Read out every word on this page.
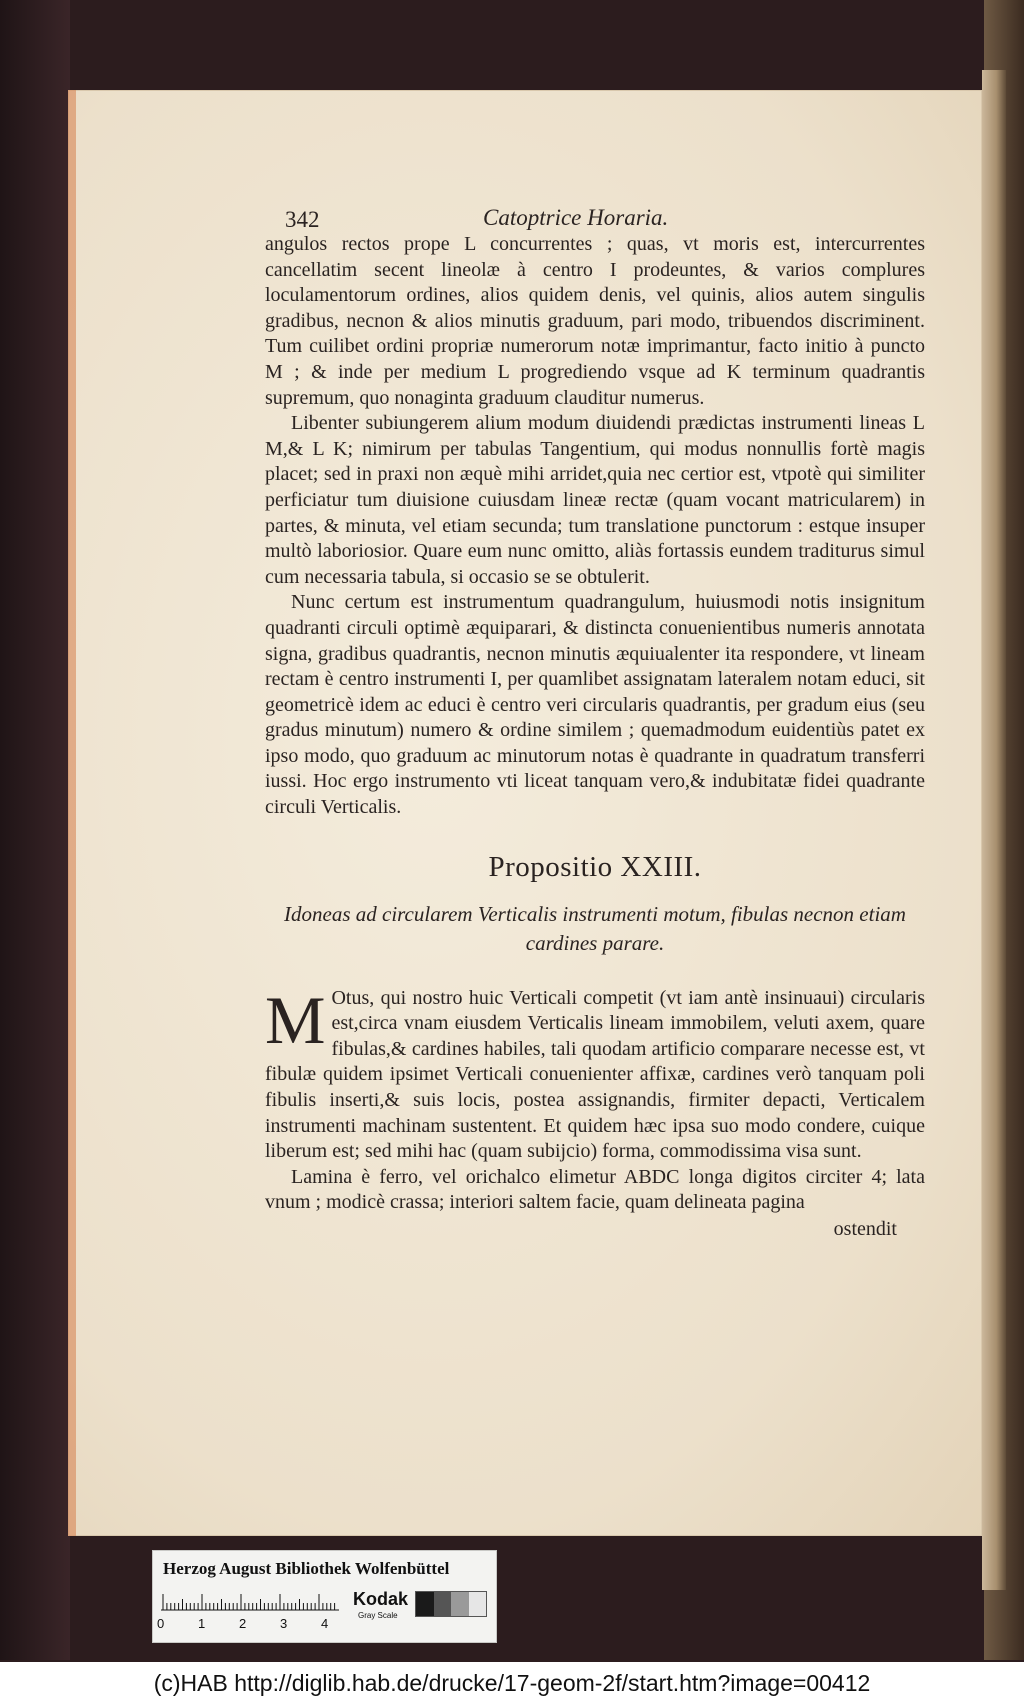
342	Catoptrice Horaria.

angulos rectos prope L concurrentes ; quas, vt moris est, intercurrentes cancellatim secent lineolæ à centro I prodeuntes, & varios complures loculamentorum ordines, alios quidem denis, vel quinis, alios autem singulis gradibus, necnon & alios minutis graduum, pari modo, tribuendos discriminent. Tum cuilibet ordini propriæ numerorum notæ imprimantur, facto initio à puncto M ; & inde per medium L progrediendo vsque ad K terminum quadrantis supremum, quo nonaginta graduum clauditur numerus.

Libenter subiungerem alium modum diuidendi prædictas instrumenti lineas L M,& L K; nimirum per tabulas Tangentium, qui modus nonnullis fortè magis placet; sed in praxi non æquè mihi arridet,quia nec certior est, vtpotè qui similiter perficiatur tum diuisione cuiusdam lineæ rectæ (quam vocant matricularem) in partes, & minuta, vel etiam secunda; tum translatione punctorum : estque insuper multò laboriosior. Quare eum nunc omitto, aliàs fortassis eundem traditurus simul cum necessaria tabula, si occasio se se obtulerit.

Nunc certum est instrumentum quadrangulum, huiusmodi notis insignitum quadranti circuli optimè æquiparari, & distincta conuenientibus numeris annotata signa, gradibus quadrantis, necnon minutis æquiualenter ita respondere, vt lineam rectam è centro instrumenti I, per quamlibet assignatam lateralem notam educi, sit geometricè idem ac educi è centro veri circularis quadrantis, per gradum eius (seu gradus minutum) numero & ordine similem ; quemadmodum euidentiùs patet ex ipso modo, quo graduum ac minutorum notas è quadrante in quadratum transferri iussi. Hoc ergo instrumento vti liceat tanquam vero,& indubitatæ fidei quadrante circuli Verticalis.

Propositio XXIII.
Idoneas ad circularem Verticalis instrumenti motum, fibulas necnon etiam cardines parare.

M Otus, qui nostro huic Verticali competit (vt iam antè insinuaui) circularis est,circa vnam eiusdem Verticalis lineam immobilem, veluti axem, quare fibulas,& cardines habiles, tali quodam artificio comparare necesse est, vt fibulæ quidem ipsimet Verticali conuenienter affixæ, cardines verò tanquam poli fibulis inserti,& suis locis, postea assignandis, firmiter depacti, Verticalem instrumenti machinam sustentent. Et quidem hæc ipsa suo modo condere, cuique liberum est; sed mihi hac (quam subijcio) forma, commodissima visa sunt.

Lamina è ferro, vel orichalco elimetur ABDC longa digitos circiter 4; lata vnum ; modicè crassa; interiori saltem facie, quam delineata pagina

ostendit
Herzog August Bibliothek Wolfenbüttel
0	1	2	3	4
Kodak
Gray Scale
(c)HAB http://diglib.hab.de/drucke/17-geom-2f/start.htm?image=00412
